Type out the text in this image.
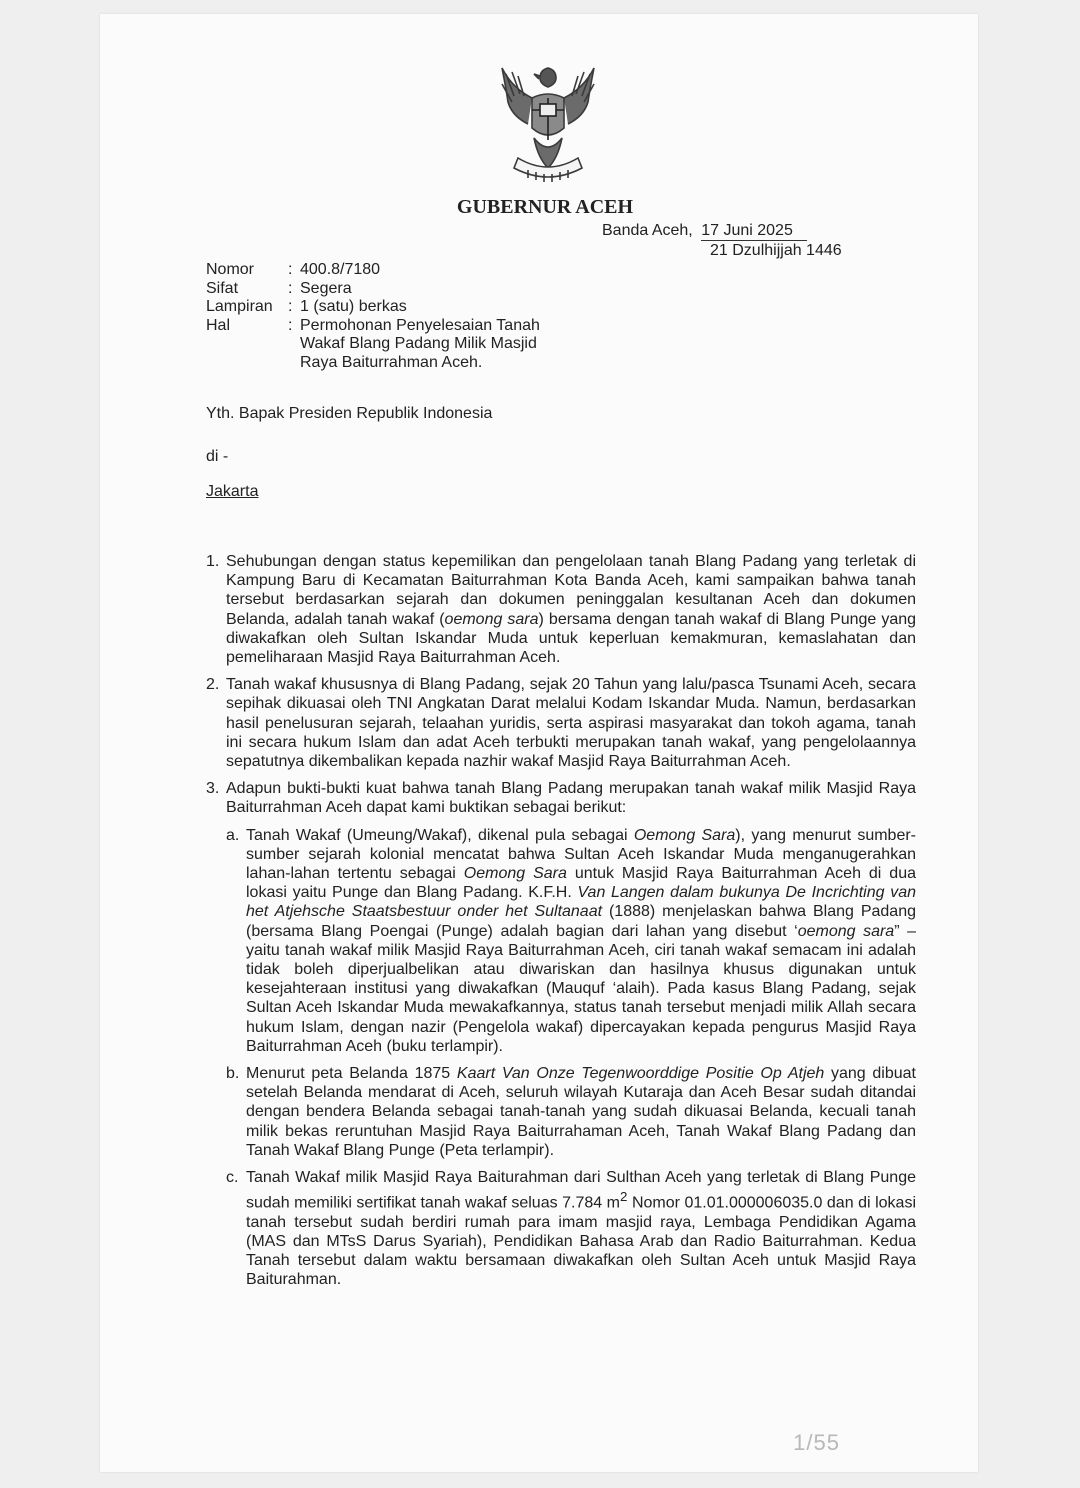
GUBERNUR ACEH
Banda Aceh, 17 Juni 2025
21 Dzulhijjah 1446
Nomor	: 400.8/7180
Sifat	: Segera
Lampiran : 1 (satu) berkas
Hal	: Permohonan Penyelesaian Tanah Wakaf Blang Padang Milik Masjid Raya Baiturrahman Aceh.
Yth. Bapak Presiden Republik Indonesia
di -
Jakarta
1. Sehubungan dengan status kepemilikan dan pengelolaan tanah Blang Padang yang terletak di Kampung Baru di Kecamatan Baiturrahman Kota Banda Aceh, kami sampaikan bahwa tanah tersebut berdasarkan sejarah dan dokumen peninggalan kesultanan Aceh dan dokumen Belanda, adalah tanah wakaf (oemong sara) bersama dengan tanah wakaf di Blang Punge yang diwakafkan oleh Sultan Iskandar Muda untuk keperluan kemakmuran, kemaslahatan dan pemeliharaan Masjid Raya Baiturrahman Aceh.
2. Tanah wakaf khususnya di Blang Padang, sejak 20 Tahun yang lalu/pasca Tsunami Aceh, secara sepihak dikuasai oleh TNI Angkatan Darat melalui Kodam Iskandar Muda. Namun, berdasarkan hasil penelusuran sejarah, telaahan yuridis, serta aspirasi masyarakat dan tokoh agama, tanah ini secara hukum Islam dan adat Aceh terbukti merupakan tanah wakaf, yang pengelolaannya sepatutnya dikembalikan kepada nazhir wakaf Masjid Raya Baiturrahman Aceh.
3. Adapun bukti-bukti kuat bahwa tanah Blang Padang merupakan tanah wakaf milik Masjid Raya Baiturrahman Aceh dapat kami buktikan sebagai berikut:
a. Tanah Wakaf (Umeung/Wakaf), dikenal pula sebagai Oemong Sara), yang menurut sumber-sumber sejarah kolonial mencatat bahwa Sultan Aceh Iskandar Muda menganugerahkan lahan-lahan tertentu sebagai Oemong Sara untuk Masjid Raya Baiturrahman Aceh di dua lokasi yaitu Punge dan Blang Padang. K.F.H. Van Langen dalam bukunya De Incrichting van het Atjehsche Staatsbestuur onder het Sultanaat (1888) menjelaskan bahwa Blang Padang (bersama Blang Poengai (Punge) adalah bagian dari lahan yang disebut ‘oemong sara” – yaitu tanah wakaf milik Masjid Raya Baiturrahman Aceh, ciri tanah wakaf semacam ini adalah tidak boleh diperjualbelikan atau diwariskan dan hasilnya khusus digunakan untuk kesejahteraan institusi yang diwakafkan (Mauquf ‘alaih). Pada kasus Blang Padang, sejak Sultan Aceh Iskandar Muda mewakafkannya, status tanah tersebut menjadi milik Allah secara hukum Islam, dengan nazir (Pengelola wakaf) dipercayakan kepada pengurus Masjid Raya Baiturrahman Aceh (buku terlampir).
b. Menurut peta Belanda 1875 Kaart Van Onze Tegenwoorddige Positie Op Atjeh yang dibuat setelah Belanda mendarat di Aceh, seluruh wilayah Kutaraja dan Aceh Besar sudah ditandai dengan bendera Belanda sebagai tanah-tanah yang sudah dikuasai Belanda, kecuali tanah milik bekas reruntuhan Masjid Raya Baiturrahaman Aceh, Tanah Wakaf Blang Padang dan Tanah Wakaf Blang Punge (Peta terlampir).
c. Tanah Wakaf milik Masjid Raya Baiturahman dari Sulthan Aceh yang terletak di Blang Punge sudah memiliki sertifikat tanah wakaf seluas 7.784 $m^2$ Nomor 01.01.000006035.0 dan di lokasi tanah tersebut sudah berdiri rumah para imam masjid raya, Lembaga Pendidikan Agama (MAS dan MTsS Darus Syariah), Pendidikan Bahasa Arab dan Radio Baiturrahman. Kedua Tanah tersebut dalam waktu bersamaan diwakafkan oleh Sultan Aceh untuk Masjid Raya Baiturahman.
1/55
